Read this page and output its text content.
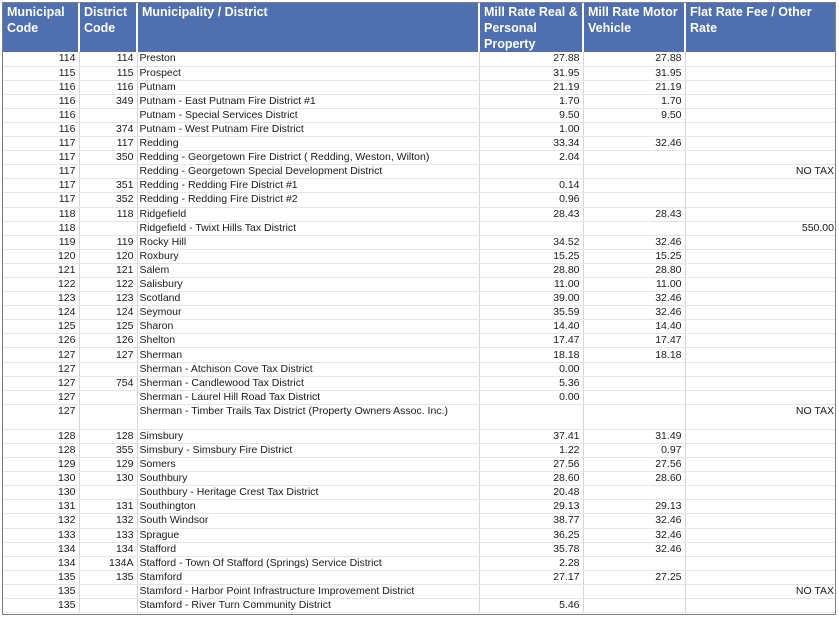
Municipal Code	District Code	Municipality / District	Mill Rate Real & Personal Property	Mill Rate Motor Vehicle	Flat Rate Fee / Other Rate
114	114	Preston	27.88	27.88	
115	115	Prospect	31.95	31.95	
116	116	Putnam	21.19	21.19	
116	349	Putnam - East Putnam Fire District #1	1.70	1.70	
116		Putnam - Special Services District	9.50	9.50	
116	374	Putnam - West Putnam Fire District	1.00		
117	117	Redding	33.34	32.46	
117	350	Redding - Georgetown Fire District ( Redding, Weston, Wilton)	2.04		
117		Redding - Georgetown Special Development District			NO TAX
117	351	Redding - Redding Fire District #1	0.14		
117	352	Redding - Redding Fire District #2	0.96		
118	118	Ridgefield	28.43	28.43	
118		Ridgefield - Twixt Hills Tax District			550.00
119	119	Rocky Hill	34.52	32.46	
120	120	Roxbury	15.25	15.25	
121	121	Salem	28.80	28.80	
122	122	Salisbury	11.00	11.00	
123	123	Scotland	39.00	32.46	
124	124	Seymour	35.59	32.46	
125	125	Sharon	14.40	14.40	
126	126	Shelton	17.47	17.47	
127	127	Sherman	18.18	18.18	
127		Sherman - Atchison Cove Tax District	0.00		
127	754	Sherman - Candlewood Tax District	5.36		
127		Sherman - Laurel Hill Road Tax District	0.00		
127		Sherman - Timber Trails Tax District (Property Owners Assoc. Inc.)			NO TAX
128	128	Simsbury	37.41	31.49	
128	355	Simsbury - Simsbury Fire District	1.22	0.97	
129	129	Somers	27.56	27.56	
130	130	Southbury	28.60	28.60	
130		Southbury - Heritage Crest Tax District	20.48		
131	131	Southington	29.13	29.13	
132	132	South Windsor	38.77	32.46	
133	133	Sprague	36.25	32.46	
134	134	Stafford	35.78	32.46	
134	134A	Stafford - Town Of Stafford (Springs) Service District	2.28		
135	135	Stamford	27.17	27.25	
135		Stamford - Harbor Point Infrastructure Improvement District			NO TAX
135		Stamford - River Turn Community District	5.46		
